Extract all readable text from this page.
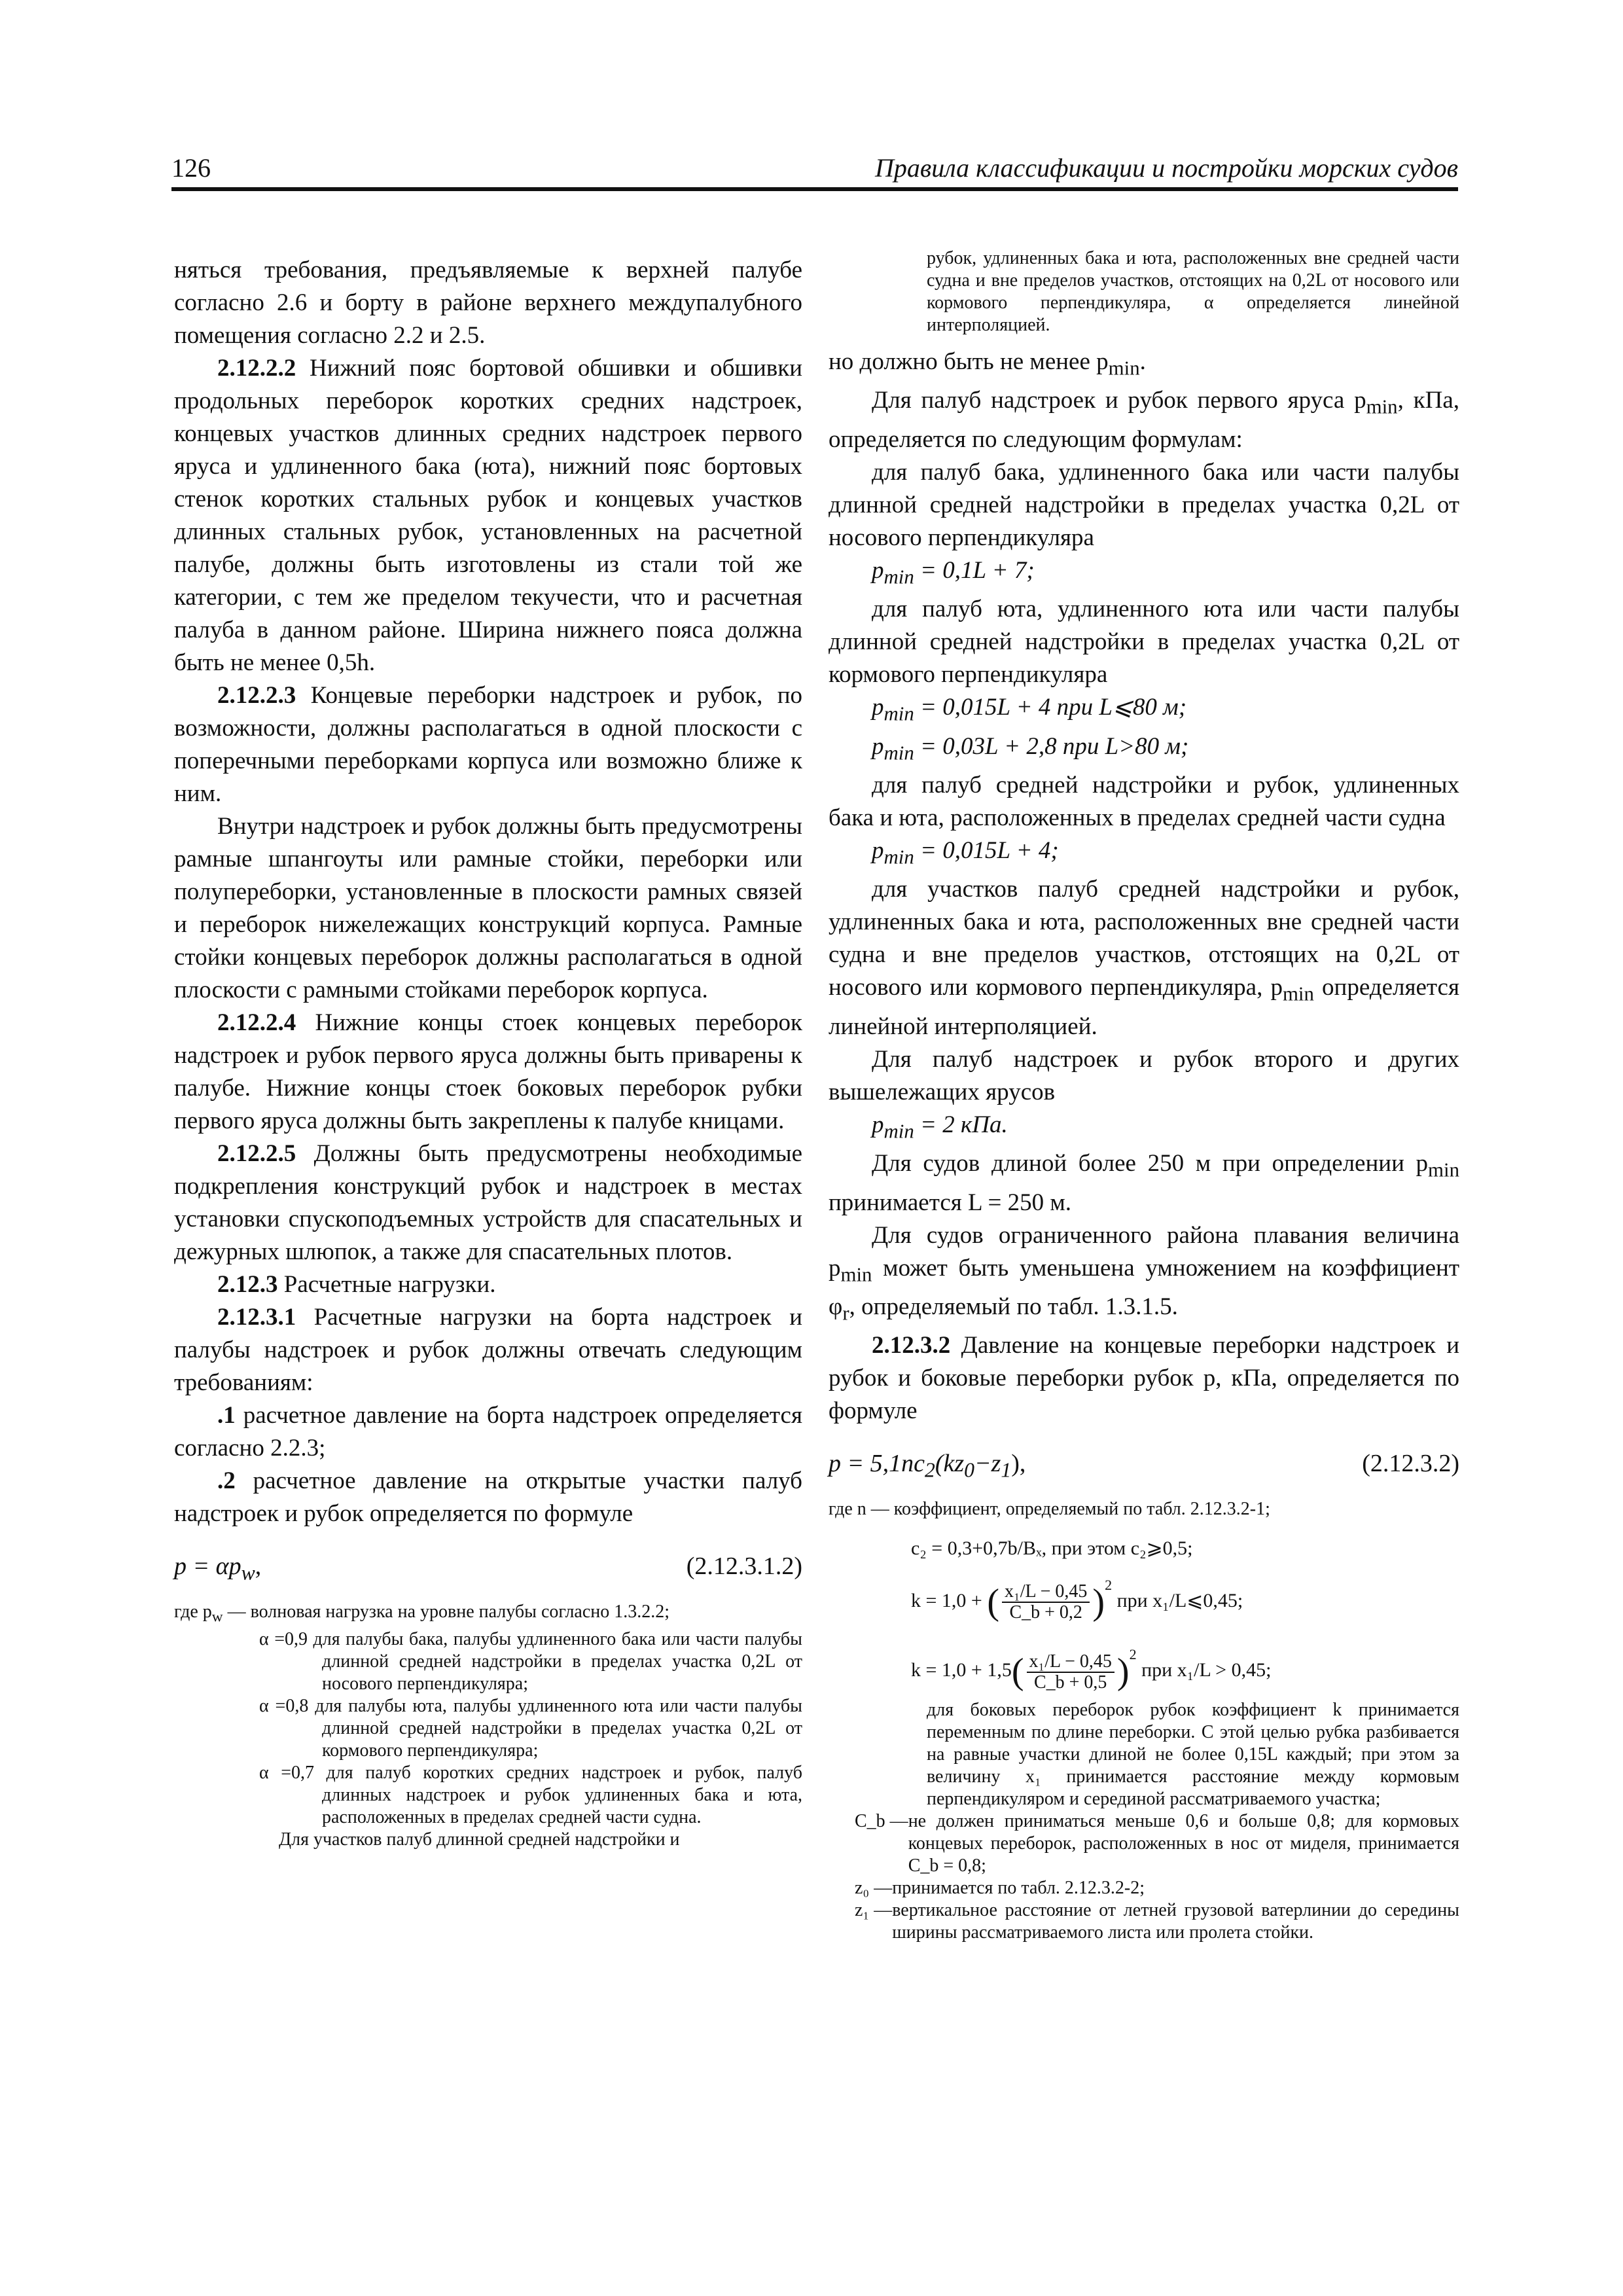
126	Правила классификации и постройки морских судов

няться требования, предъявляемые к верхней палубе согласно 2.6 и борту в районе верхнего междупалубного помещения согласно 2.2 и 2.5.

2.12.2.2 Нижний пояс бортовой обшивки и обшивки продольных переборок коротких средних надстроек, концевых участков длинных средних надстроек первого яруса и удлиненного бака (юта), нижний пояс бортовых стенок коротких стальных рубок и концевых участков длинных стальных рубок, установленных на расчетной палубе, должны быть изготовлены из стали той же категории, с тем же пределом текучести, что и расчетная палуба в данном районе. Ширина нижнего пояса должна быть не менее 0,5h.

2.12.2.3 Концевые переборки надстроек и рубок, по возможности, должны располагаться в одной плоскости с поперечными переборками корпуса или возможно ближе к ним.

Внутри надстроек и рубок должны быть предусмотрены рамные шпангоуты или рамные стойки, переборки или полупереборки, установленные в плоскости рамных связей и переборок нижележащих конструкций корпуса. Рамные стойки концевых переборок должны располагаться в одной плоскости с рамными стойками переборок корпуса.

2.12.2.4 Нижние концы стоек концевых переборок надстроек и рубок первого яруса должны быть приварены к палубе. Нижние концы стоек боковых переборок рубки первого яруса должны быть закреплены к палубе кницами.

2.12.2.5 Должны быть предусмотрены необходимые подкрепления конструкций рубок и надстроек в местах установки спускоподъемных устройств для спасательных и дежурных шлюпок, а также для спасательных плотов.

2.12.3 Расчетные нагрузки.

2.12.3.1 Расчетные нагрузки на борта надстроек и палубы надстроек и рубок должны отвечать следующим требованиям:

.1 расчетное давление на борта надстроек определяется согласно 2.2.3;

.2 расчетное давление на открытые участки палуб надстроек и рубок определяется по формуле

$p = \alpha p_w$,	(2.12.3.1.2)

где $p_w$ — волновая нагрузка на уровне палубы согласно 1.3.2.2;

α =0,9 для палубы бака, палубы удлиненного бака или части палубы длинной средней надстройки в пределах участка 0,2L от носового перпендикуляра;

α =0,8 для палубы юта, палубы удлиненного юта или части палубы длинной средней надстройки в пределах участка 0,2L от кормового перпендикуляра;

α =0,7 для палуб коротких средних надстроек и рубок, палуб длинных надстроек и рубок удлиненных бака и юта, расположенных в пределах средней части судна.

Для участков палуб длинной средней надстройки и

рубок, удлиненных бака и юта, расположенных вне средней части судна и вне пределов участков, отстоящих на 0,2L от носового или кормового перпендикуляра, α определяется линейной интерполяцией.

но должно быть не менее $p_{min}$.

Для палуб надстроек и рубок первого яруса $p_{min}$, кПа, определяется по следующим формулам:

для палуб бака, удлиненного бака или части палубы длинной средней надстройки в пределах участка 0,2L от носового перпендикуляра

$p_{min} = 0,1L + 7$;

для палуб юта, удлиненного юта или части палубы длинной средней надстройки в пределах участка 0,2L от кормового перпендикуляра

$p_{min} = 0,015L + 4$ при L⩽80 м;

$p_{min} = 0,03L + 2,8$ при L>80 м;

для палуб средней надстройки и рубок, удлиненных бака и юта, расположенных в пределах средней части судна

$p_{min} = 0,015L + 4$;

для участков палуб средней надстройки и рубок, удлиненных бака и юта, расположенных вне средней части судна и вне пределов участков, отстоящих на 0,2L от носового или кормового перпендикуляра, $p_{min}$ определяется линейной интерполяцией.

Для палуб надстроек и рубок второго и других вышележащих ярусов

$p_{min} = 2$ кПа.

Для судов длиной более 250 м при определении $p_{min}$ принимается L = 250 м.

Для судов ограниченного района плавания величина $p_{min}$ может быть уменьшена умножением на коэффициент $\varphi_r$, определяемый по табл. 1.3.1.5.

2.12.3.2 Давление на концевые переборки надстроек и рубок и боковые переборки рубок p, кПа, определяется по формуле

$p = 5,1nc_2(kz_0-z_1)$,	(2.12.3.2)

где n — коэффициент, определяемый по табл. 2.12.3.2-1;

c₂ = 0,3+0,7b/Bₓ, при этом c₂⩾0,5;
k = 1,0 + ( $\frac{\text{x₁/L − 0,45}}{C\_b + 0,2} )^2$ при x₁/L⩽0,45;
$k = 1,0 + 1,5( \frac{\text{x₁/L − 0,45}}{C\_b + 0,5} )^2$ при x₁/L > 0,45;

для боковых переборок рубок коэффициент k принимается переменным по длине переборки. С этой целью рубка разбивается на равные участки длиной не более 0,15L каждый; при этом за величину x₁ принимается расстояние между кормовым перпендикуляром и серединой рассматриваемого участка;

C_b — не должен приниматься меньше 0,6 и больше 0,8; для кормовых концевых переборок, расположенных в нос от миделя, принимается C_b = 0,8;
z₀ — принимается по табл. 2.12.3.2-2;
z₁ — вертикальное расстояние от летней грузовой ватерлинии до середины ширины рассматриваемого листа или пролета стойки.
